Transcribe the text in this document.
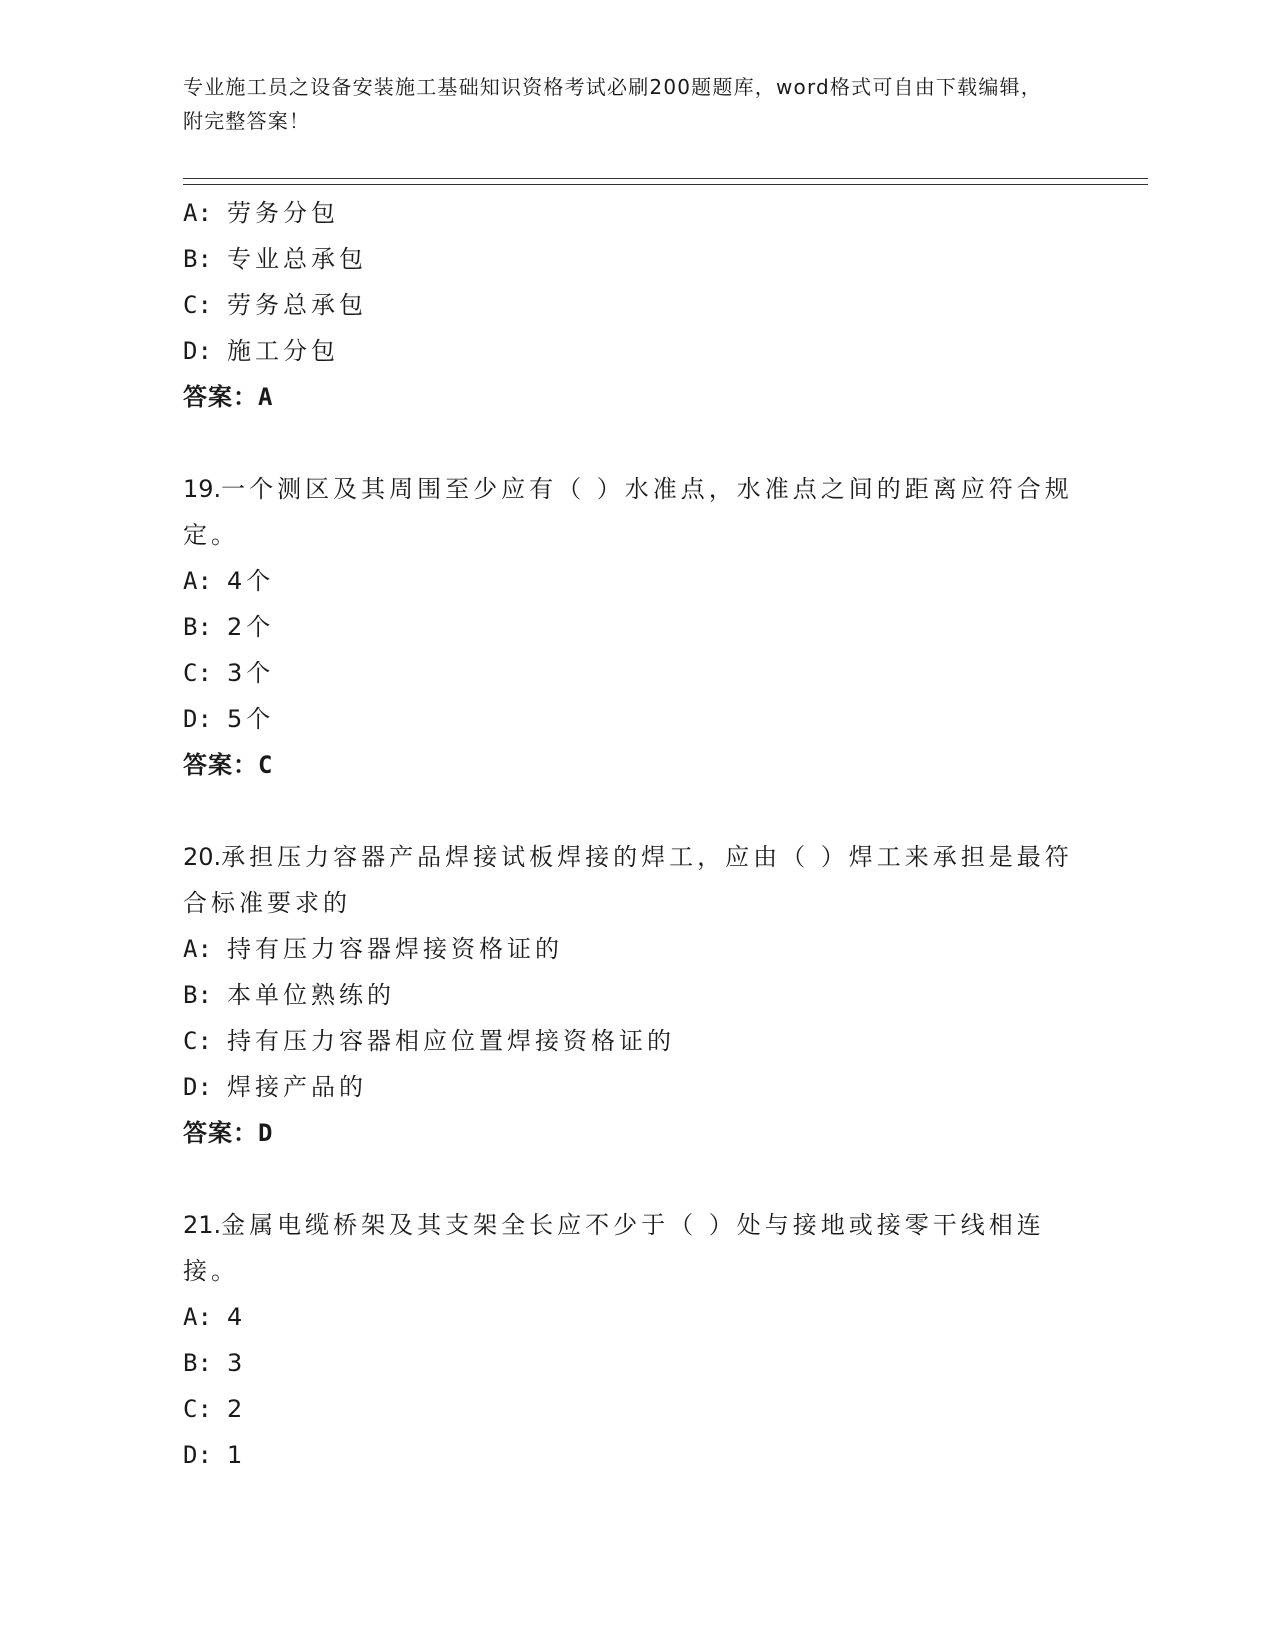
专业施工员之设备安装施工基础知识资格考试必刷200题题库，word格式可自由下载编辑，附完整答案！
A: 劳务分包
B: 专业总承包
C: 劳务总承包
D: 施工分包
答案：A
19.一个测区及其周围至少应有（ ）水准点，水准点之间的距离应符合规定。
A: 4个
B: 2个
C: 3个
D: 5个
答案：C
20.承担压力容器产品焊接试板焊接的焊工，应由（ ）焊工来承担是最符合标准要求的
A: 持有压力容器焊接资格证的
B: 本单位熟练的
C: 持有压力容器相应位置焊接资格证的
D: 焊接产品的
答案：D
21.金属电缆桥架及其支架全长应不少于（ ）处与接地或接零干线相连接。
A: 4
B: 3
C: 2
D: 1
